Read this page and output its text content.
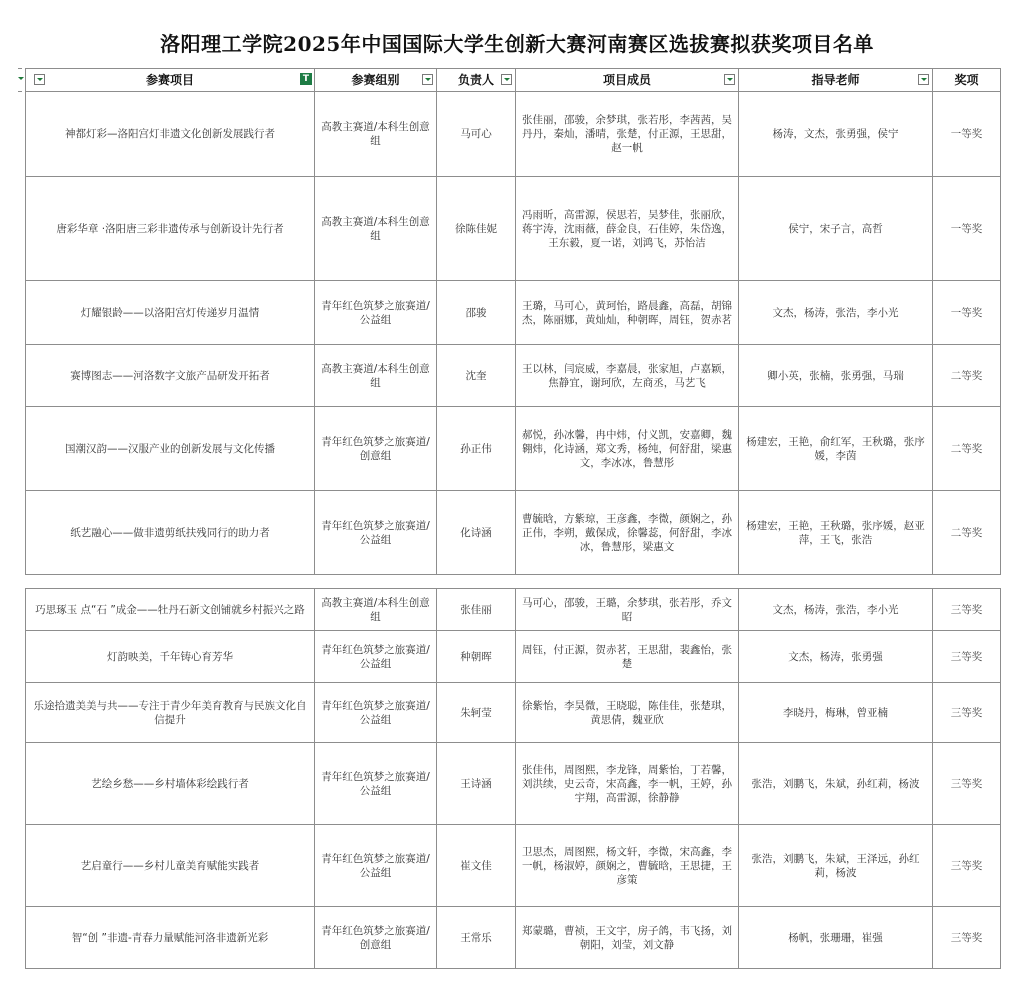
洛阳理工学院2025年中国国际大学生创新大赛河南赛区选拔赛拟获奖项目名单
参赛项目 T	参赛组别	负责人	项目成员	指导老师	奖项
神都灯彩—洛阳宫灯非遗文化创新发展践行者	高教主赛道/本科生创意组	马可心	张佳丽，邵骏，余梦琪，张若彤，李茜茜，吴丹丹，秦灿，潘晴，张楚，付正源，王思甜，赵一帆	杨涛，文杰，张勇强，侯宁	一等奖
唐彩华章 ·洛阳唐三彩非遗传承与创新设计先行者	高教主赛道/本科生创意组	徐陈佳妮	冯雨昕，高雷源，侯思若，吴梦佳，张丽欣，蒋宇涛，沈雨薇，薛金良，石佳婷，朱岱逸，王东毅，夏一诺，刘鸿飞，苏怡洁	侯宁，宋子言，高哲	一等奖
灯耀银龄——以洛阳宫灯传递岁月温情	青年红色筑梦之旅赛道/公益组	邵骏	王璐，马可心，黄珂怡，路晨鑫，高磊，胡锦杰，陈丽娜，黄灿灿，种朝晖，周钰，贺赤茗	文杰，杨涛，张浩，李小光	一等奖
赛博图志——河洛数字文旅产品研发开拓者	高教主赛道/本科生创意组	沈奎	王以林，闫宸威，李嘉晨，张家旭，卢嘉颖，焦静宜，谢珂欣，左商丞，马艺飞	卿小英，张楠，张勇强，马瑞	二等奖
国潮汉韵——汉服产业的创新发展与文化传播	青年红色筑梦之旅赛道/创意组	孙正伟	郝悦，孙冰馨，冉中炜，付义凯，安嘉卿，魏翱炜，化诗涵，郑文秀，杨纯，何舒甜，梁惠文，李冰冰，鲁慧彤	杨建宏，王艳，俞红军，王秋璐，张序媛，李茵	二等奖
纸艺融心——做非遗剪纸扶残同行的助力者	青年红色筑梦之旅赛道/公益组	化诗涵	曹毓晗，方紫琼，王彦鑫，李微，颜娴之，孙正伟，李朔，戴保成，徐馨蕊，何舒甜，李冰冰，鲁慧彤，梁惠文	杨建宏，王艳，王秋璐，张序媛，赵亚萍，王飞，张浩	二等奖
巧思琢玉 点“石 ”成金——牡丹石新文创铺就乡村振兴之路	高教主赛道/本科生创意组	张佳丽	马可心，邵骏，王璐，余梦琪，张若彤，乔文昭	文杰，杨涛，张浩，李小光	三等奖
灯韵映美，千年铸心育芳华	青年红色筑梦之旅赛道/公益组	种朝晖	周钰，付正源，贺赤茗，王思甜，裴鑫怡，张楚	文杰，杨涛，张勇强	三等奖
乐途拾遗美美与共——专注于青少年美育教育与民族文化自信提升	青年红色筑梦之旅赛道/公益组	朱轲莹	徐紫怡，李昊微，王晓聪，陈佳佳，张楚琪，黄思倩，魏亚欣	李晓丹，梅琳，曾亚楠	三等奖
艺绘乡愁——乡村墙体彩绘践行者	青年红色筑梦之旅赛道/公益组	王诗涵	张佳伟，周图熙，李龙锋，周紫怡，丁若馨，刘洪续，史云奇，宋高鑫，李一帆，王婷，孙宇翔，高雷源，徐静静	张浩，刘鹏飞，朱斌，孙红莉，杨波	三等奖
艺启童行——乡村儿童美育赋能实践者	青年红色筑梦之旅赛道/公益组	崔文佳	卫思杰，周图熙，杨文轩，李微，宋高鑫，李一帆，杨淑婷，颜娴之，曹毓晗，王思捷，王彦策	张浩，刘鹏飞，朱斌，王泽远，孙红莉，杨波	三等奖
智“创 ”非遗-青春力量赋能河洛非遗新光彩	青年红色筑梦之旅赛道/创意组	王常乐	郑蒙璐，曹祯，王文宇，房子鸽，韦飞扬，刘朝阳，刘莹，刘文静	杨帆，张珊珊，崔强	三等奖
